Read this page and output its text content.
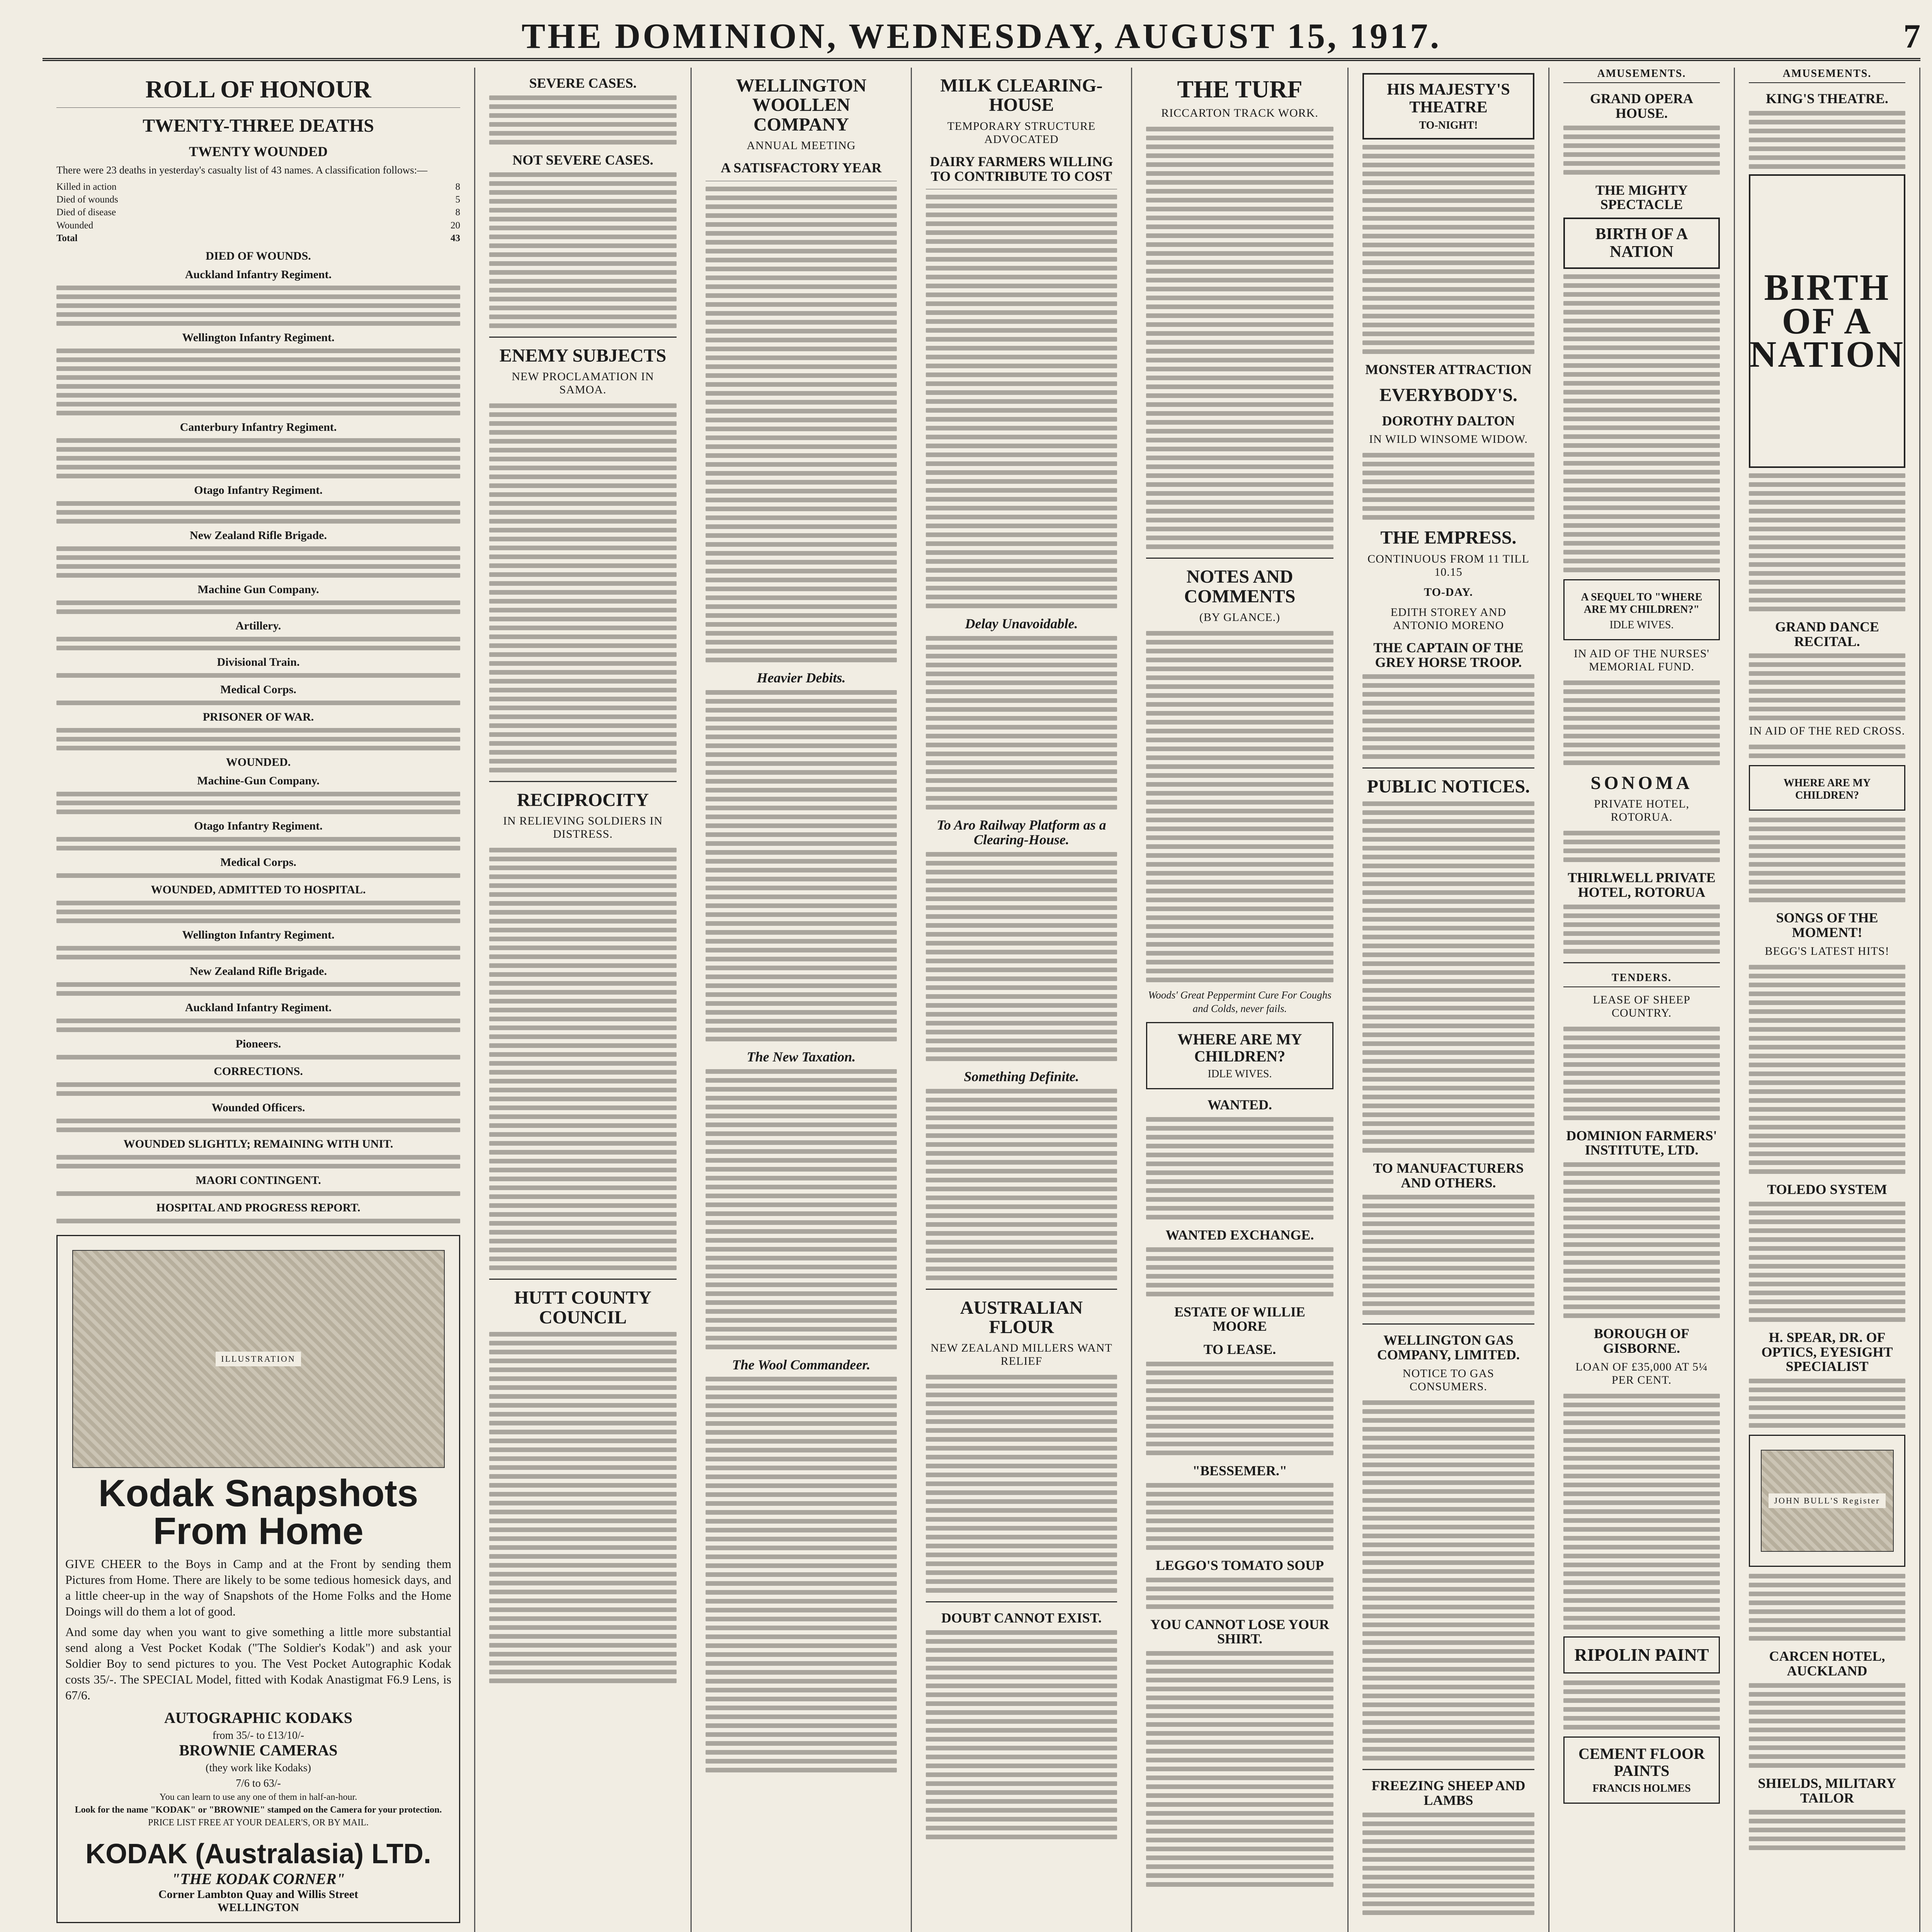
THE DOMINION, WEDNESDAY, AUGUST 15, 1917.	7
ROLL OF HONOUR
TWENTY-THREE DEATHS
TWENTY WOUNDED
There were 23 deaths in yesterday's casualty list of 43 names. A classification follows:—
Killed in action	8
Died of wounds	5
Died of disease	8
Wounded	20
Total	43
DIED OF WOUNDS.
Auckland Infantry Regiment.
Wellington Infantry Regiment.
Canterbury Infantry Regiment.
Otago Infantry Regiment.
New Zealand Rifle Brigade.
Machine Gun Company.
Artillery.
Divisional Train.
Medical Corps.
PRISONER OF WAR.
WOUNDED.
Machine-Gun Company.
Otago Infantry Regiment.
Medical Corps.
WOUNDED, ADMITTED TO HOSPITAL.
Wellington Infantry Regiment.
New Zealand Rifle Brigade.
Auckland Infantry Regiment.
Pioneers.
CORRECTIONS.
Wounded Officers.
WOUNDED SLIGHTLY; REMAINING WITH UNIT.
MAORI CONTINGENT.
HOSPITAL AND PROGRESS REPORT.
ILLUSTRATION
Kodak Snapshots From Home
GIVE CHEER to the Boys in Camp and at the Front by sending them Pictures from Home. There are likely to be some tedious homesick days, and a little cheer-up in the way of Snapshots of the Home Folks and the Home Doings will do them a lot of good.
And some day when you want to give something a little more substantial send along a Vest Pocket Kodak ("The Soldier's Kodak") and ask your Soldier Boy to send pictures to you. The Vest Pocket Autographic Kodak costs 35/-. The SPECIAL Model, fitted with Kodak Anastigmat F6.9 Lens, is 67/6.
AUTOGRAPHIC KODAKS
from 35/- to £13/10/-
BROWNIE CAMERAS
(they work like Kodaks)
7/6 to 63/-
You can learn to use any one of them in half-an-hour.
Look for the name "KODAK" or "BROWNIE" stamped on the Camera for your protection.
PRICE LIST FREE AT YOUR DEALER'S, OR BY MAIL.
KODAK (Australasia) LTD.
"THE KODAK CORNER"
Corner Lambton Quay and Willis Street
WELLINGTON
SEVERE CASES.
NOT SEVERE CASES.
ENEMY SUBJECTS
NEW PROCLAMATION IN SAMOA.
RECIPROCITY
IN RELIEVING SOLDIERS IN DISTRESS.
HUTT COUNTY COUNCIL
WELLINGTON WOOLLEN COMPANY
ANNUAL MEETING
A SATISFACTORY YEAR
Heavier Debits.
The New Taxation.
The Wool Commandeer.
MILK CLEARING-HOUSE
TEMPORARY STRUCTURE ADVOCATED
DAIRY FARMERS WILLING TO CONTRIBUTE TO COST
Delay Unavoidable.
To Aro Railway Platform as a Clearing-House.
Something Definite.
AUSTRALIAN FLOUR
NEW ZEALAND MILLERS WANT RELIEF
DOUBT CANNOT EXIST.
THE TURF
RICCARTON TRACK WORK.
NOTES AND COMMENTS
(BY GLANCE.)
Woods' Great Peppermint Cure For Coughs and Colds, never fails.
WHERE ARE MY CHILDREN?
IDLE WIVES.
WANTED.
WANTED EXCHANGE.
ESTATE OF WILLIE MOORE
TO LEASE.
"BESSEMER."
LEGGO'S TOMATO SOUP
YOU CANNOT LOSE YOUR SHIRT.
HIS MAJESTY'S THEATRE
TO-NIGHT!
MONSTER ATTRACTION
EVERYBODY'S.
DOROTHY DALTON
IN WILD WINSOME WIDOW.
THE EMPRESS.
CONTINUOUS FROM 11 TILL 10.15
TO-DAY.
EDITH STOREY AND ANTONIO MORENO
THE CAPTAIN OF THE GREY HORSE TROOP.
PUBLIC NOTICES.
TO MANUFACTURERS AND OTHERS.
WELLINGTON GAS COMPANY, LIMITED.
NOTICE TO GAS CONSUMERS.
FREEZING SHEEP AND LAMBS
AMUSEMENTS.
GRAND OPERA HOUSE.
THE MIGHTY SPECTACLE
BIRTH OF A NATION
A SEQUEL TO "WHERE ARE MY CHILDREN?"
IDLE WIVES.
IN AID OF THE NURSES' MEMORIAL FUND.
SONOMA
PRIVATE HOTEL, ROTORUA.
THIRLWELL PRIVATE HOTEL, ROTORUA
TENDERS.
LEASE OF SHEEP COUNTRY.
DOMINION FARMERS' INSTITUTE, LTD.
BOROUGH OF GISBORNE.
LOAN OF £35,000 AT 5¼ PER CENT.
RIPOLIN PAINT
CEMENT FLOOR PAINTS
FRANCIS HOLMES
AMUSEMENTS.
KING'S THEATRE.
BIRTH OF A NATION
GRAND DANCE RECITAL.
IN AID OF THE RED CROSS.
WHERE ARE MY CHILDREN?
SONGS OF THE MOMENT!
BEGG'S LATEST HITS!
TOLEDO SYSTEM
H. SPEAR, DR. OF OPTICS, EYESIGHT SPECIALIST
JOHN BULL'S Register
CARCEN HOTEL, AUCKLAND
SHIELDS, MILITARY TAILOR
